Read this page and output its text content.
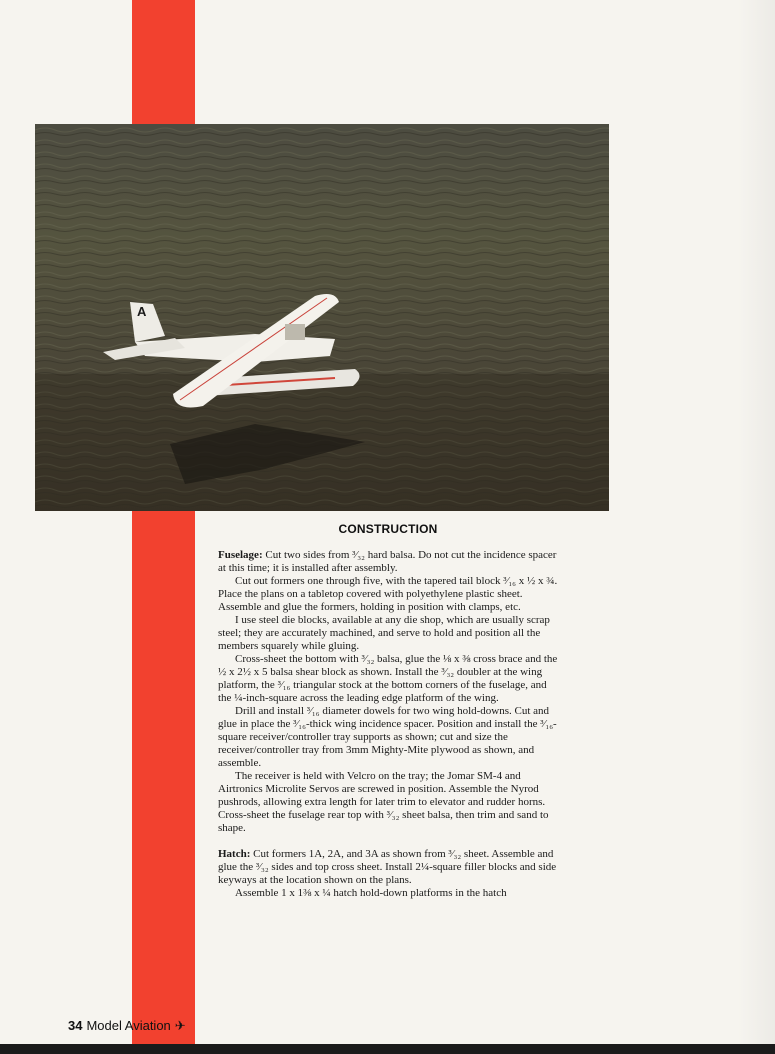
A
CONSTRUCTION

Fuselage: Cut two sides from ³⁄₃₂ hard balsa. Do not cut the incidence spacer at this time; it is installed after assembly.

Cut out formers one through five, with the tapered tail block ³⁄₁₆ x ½ x ¾. Place the plans on a tabletop covered with polyethylene plastic sheet. Assemble and glue the formers, holding in position with clamps, etc.

I use steel die blocks, available at any die shop, which are usually scrap steel; they are accurately machined, and serve to hold and position all the members squarely while gluing.

Cross-sheet the bottom with ³⁄₃₂ balsa, glue the ⅛ x ⅜ cross brace and the ½ x 2½ x 5 balsa shear block as shown. Install the ³⁄₃₂ doubler at the wing platform, the ³⁄₁₆ triangular stock at the bottom corners of the fuselage, and the ¼-inch-square across the leading edge platform of the wing.

Drill and install ³⁄₁₆ diameter dowels for two wing hold-downs. Cut and glue in place the ³⁄₁₆-thick wing incidence spacer. Position and install the ³⁄₁₆-square receiver/controller tray supports as shown; cut and size the receiver/controller tray from 3mm Mighty-Mite plywood as shown, and assemble.

The receiver is held with Velcro on the tray; the Jomar SM-4 and Airtronics Microlite Servos are screwed in position. Assemble the Nyrod pushrods, allowing extra length for later trim to elevator and rudder horns. Cross-sheet the fuselage rear top with ³⁄₃₂ sheet balsa, then trim and sand to shape.

Hatch: Cut formers 1A, 2A, and 3A as shown from ³⁄₃₂ sheet. Assemble and glue the ³⁄₃₂ sides and top cross sheet. Install 2¼-square filler blocks and side keyways at the location shown on the plans.

Assemble 1 x 1⅜ x ¼ hatch hold-down platforms in the hatch

34 Model Aviation ✈
